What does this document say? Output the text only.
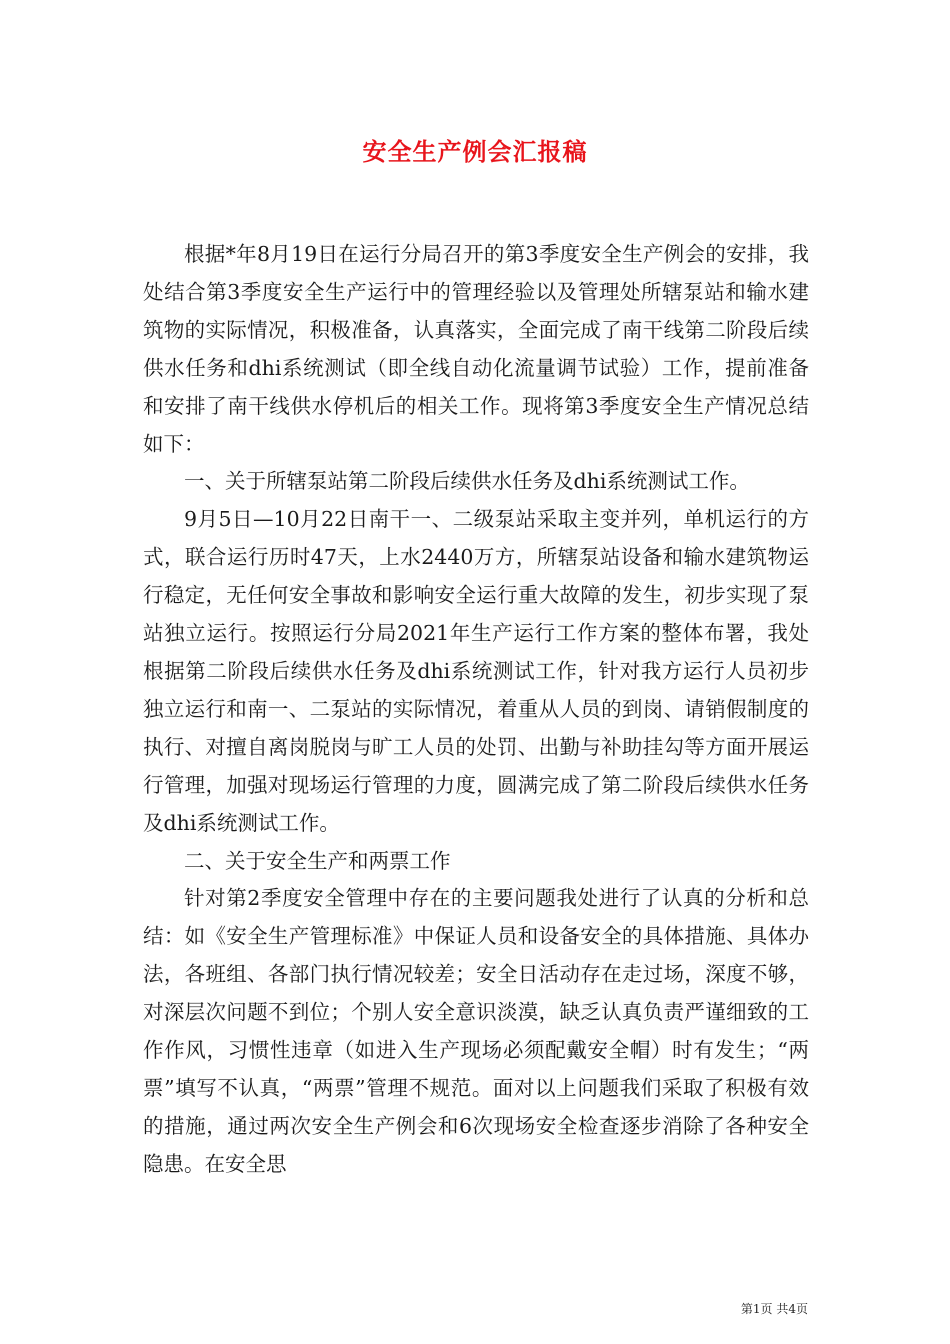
安全生产例会汇报稿

根据*年8月19日在运行分局召开的第3季度安全生产例会的安排，我处结合第3季度安全生产运行中的管理经验以及管理处所辖泵站和输水建筑物的实际情况，积极准备，认真落实，全面完成了南干线第二阶段后续供水任务和dhi系统测试（即全线自动化流量调节试验）工作，提前准备和安排了南干线供水停机后的相关工作。现将第3季度安全生产情况总结如下：

一、关于所辖泵站第二阶段后续供水任务及dhi系统测试工作。

9月5日—10月22日南干一、二级泵站采取主变并列，单机运行的方式，联合运行历时47天，上水2440万方，所辖泵站设备和输水建筑物运行稳定，无任何安全事故和影响安全运行重大故障的发生，初步实现了泵站独立运行。按照运行分局2021年生产运行工作方案的整体布署，我处根据第二阶段后续供水任务及dhi系统测试工作，针对我方运行人员初步独立运行和南一、二泵站的实际情况，着重从人员的到岗、请销假制度的执行、对擅自离岗脱岗与旷工人员的处罚、出勤与补助挂勾等方面开展运行管理，加强对现场运行管理的力度，圆满完成了第二阶段后续供水任务及dhi系统测试工作。

二、关于安全生产和两票工作

针对第2季度安全管理中存在的主要问题我处进行了认真的分析和总结：如《安全生产管理标准》中保证人员和设备安全的具体措施、具体办法，各班组、各部门执行情况较差；安全日活动存在走过场，深度不够，对深层次问题不到位；个别人安全意识淡漠，缺乏认真负责严谨细致的工作作风，习惯性违章（如进入生产现场必须配戴安全帽）时有发生；“两票”填写不认真，“两票”管理不规范。面对以上问题我们采取了积极有效的措施，通过两次安全生产例会和6次现场安全检查逐步消除了各种安全隐患。在安全思

第1页 共4页
